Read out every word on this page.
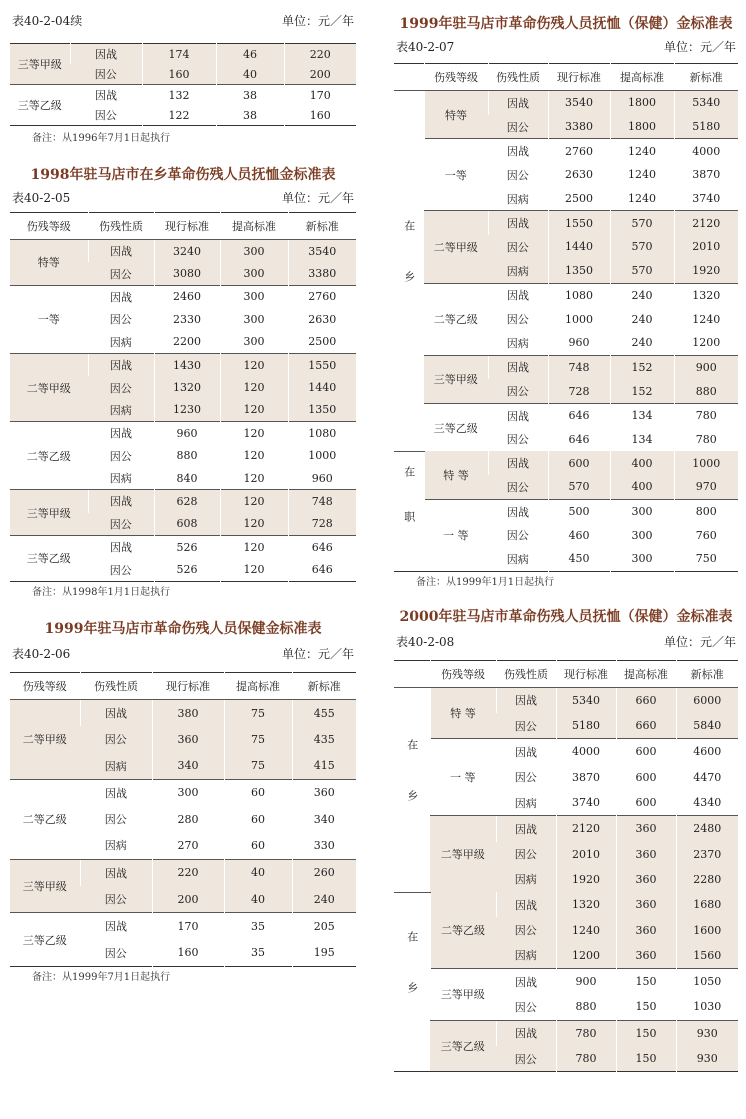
表40-2-04续	单位：元／年
三等甲级	因战	174	46	220
	因公	160	40	200
三等乙级	因战	132	38	170
	因公	122	38	160
备注：从1996年7月1日起执行
1998年驻马店市在乡革命伤残人员抚恤金标准表
表40-2-05	单位：元／年
伤残等级	伤残性质	现行标准	提高标准	新标准
特等	因战	3240	300	3540
	因公	3080	300	3380
一等	因战	2460	300	2760
	因公	2330	300	2630
	因病	2200	300	2500
二等甲级	因战	1430	120	1550
	因公	1320	120	1440
	因病	1230	120	1350
二等乙级	因战	960	120	1080
	因公	880	120	1000
	因病	840	120	960
三等甲级	因战	628	120	748
	因公	608	120	728
三等乙级	因战	526	120	646
	因公	526	120	646
备注：从1998年1月1日起执行
1999年驻马店市革命伤残人员保健金标准表
表40-2-06	单位：元／年
伤残等级	伤残性质	现行标准	提高标准	新标准
二等甲级	因战	380	75	455
	因公	360	75	435
	因病	340	75	415
二等乙级	因战	300	60	360
	因公	280	60	340
	因病	270	60	330
三等甲级	因战	220	40	260
	因公	200	40	240
三等乙级	因战	170	35	205
	因公	160	35	195
备注：从1999年7月1日起执行
1999年驻马店市革命伤残人员抚恤（保健）金标准表
表40-2-07	单位：元／年
	伤残等级	伤残性质	现行标准	提高标准	新标准

在乡	特等	因战	3540	1800	5340
		因公	3380	1800	5180
	一等	因战	2760	1240	4000
		因公	2630	1240	3870
		因病	2500	1240	3740
	二等甲级	因战	1550	570	2120
		因公	1440	570	2010
		因病	1350	570	1920
	二等乙级	因战	1080	240	1320
		因公	1000	240	1240
		因病	960	240	1200
	三等甲级	因战	748	152	900
		因公	728	152	880
	三等乙级	因战	646	134	780
		因公	646	134	780

在职	特 等	因战	600	400	1000
		因公	570	400	970
	一 等	因战	500	300	800
		因公	460	300	760
		因病	450	300	750
备注：从1999年1月1日起执行
2000年驻马店市革命伤残人员抚恤（保健）金标准表
表40-2-08	单位：元／年
	伤残等级	伤残性质	现行标准	提高标准	新标准

在乡	特 等	因战	5340	660	6000
		因公	5180	660	5840
	一 等	因战	4000	600	4600
		因公	3870	600	4470
		因病	3740	600	4340
	二等甲级	因战	2120	360	2480
		因公	2010	360	2370
		因病	1920	360	2280

在乡	二等乙级	因战	1320	360	1680
		因公	1240	360	1600
		因病	1200	360	1560
	三等甲级	因战	900	150	1050
		因公	880	150	1030
	三等乙级	因战	780	150	930
		因公	780	150	930
